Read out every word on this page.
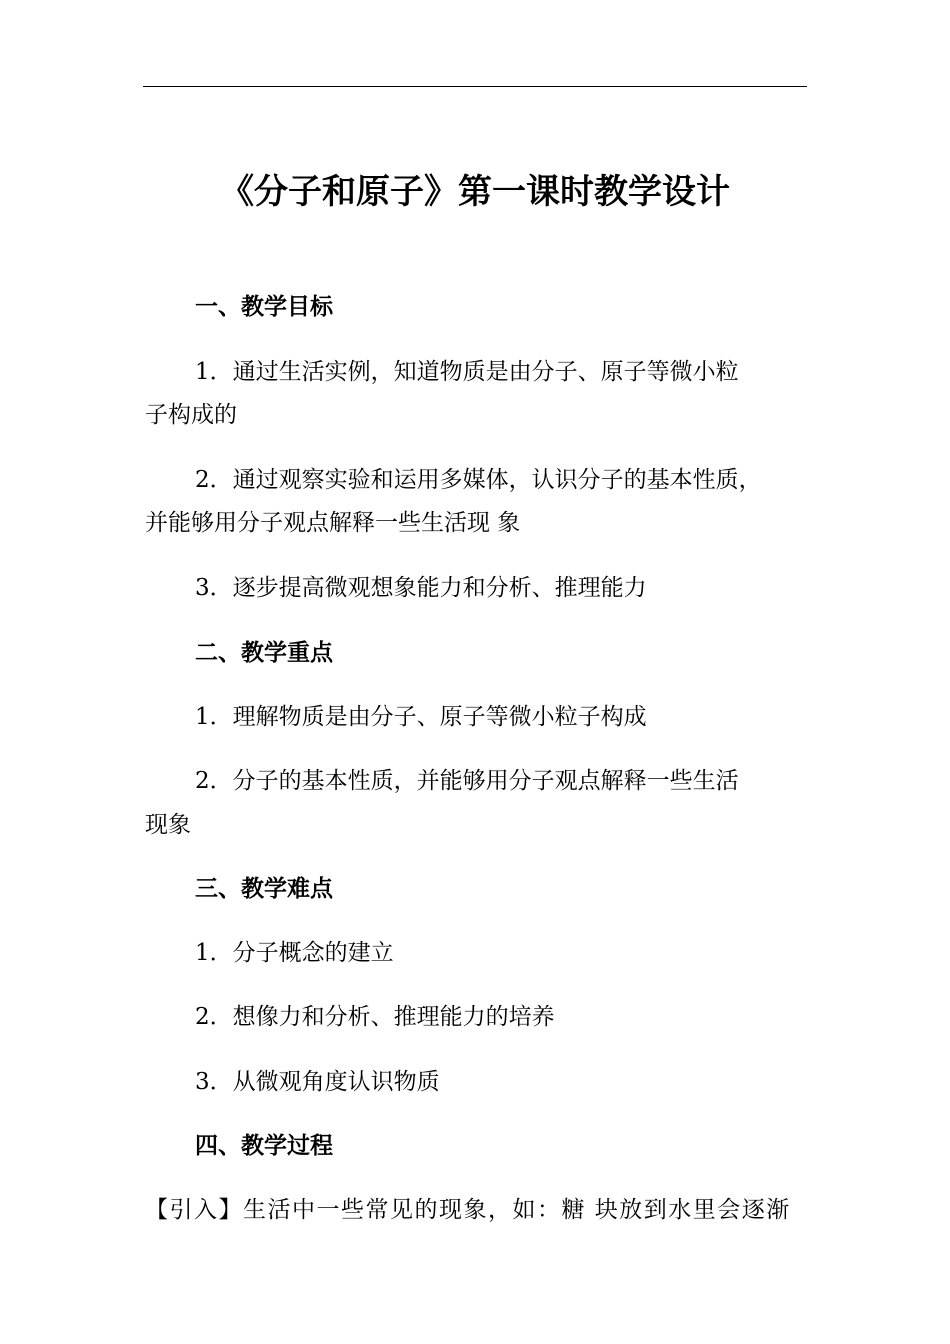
《分子和原子》第一课时教学设计
一、教学目标
1．通过生活实例，知道物质是由分子、原子等微小粒
子构成的
2．通过观察实验和运用多媒体，认识分子的基本性质，
并能够用分子观点解释一些生活现 象
3．逐步提高微观想象能力和分析、推理能力
二、教学重点
1．理解物质是由分子、原子等微小粒子构成
2．分子的基本性质，并能够用分子观点解释一些生活
现象
三、教学难点
1．分子概念的建立
2．想像力和分析、推理能力的培养
3．从微观角度认识物质
四、教学过程
【引入】生活中一些常见的现象，如：糖 块放到水里会逐渐
